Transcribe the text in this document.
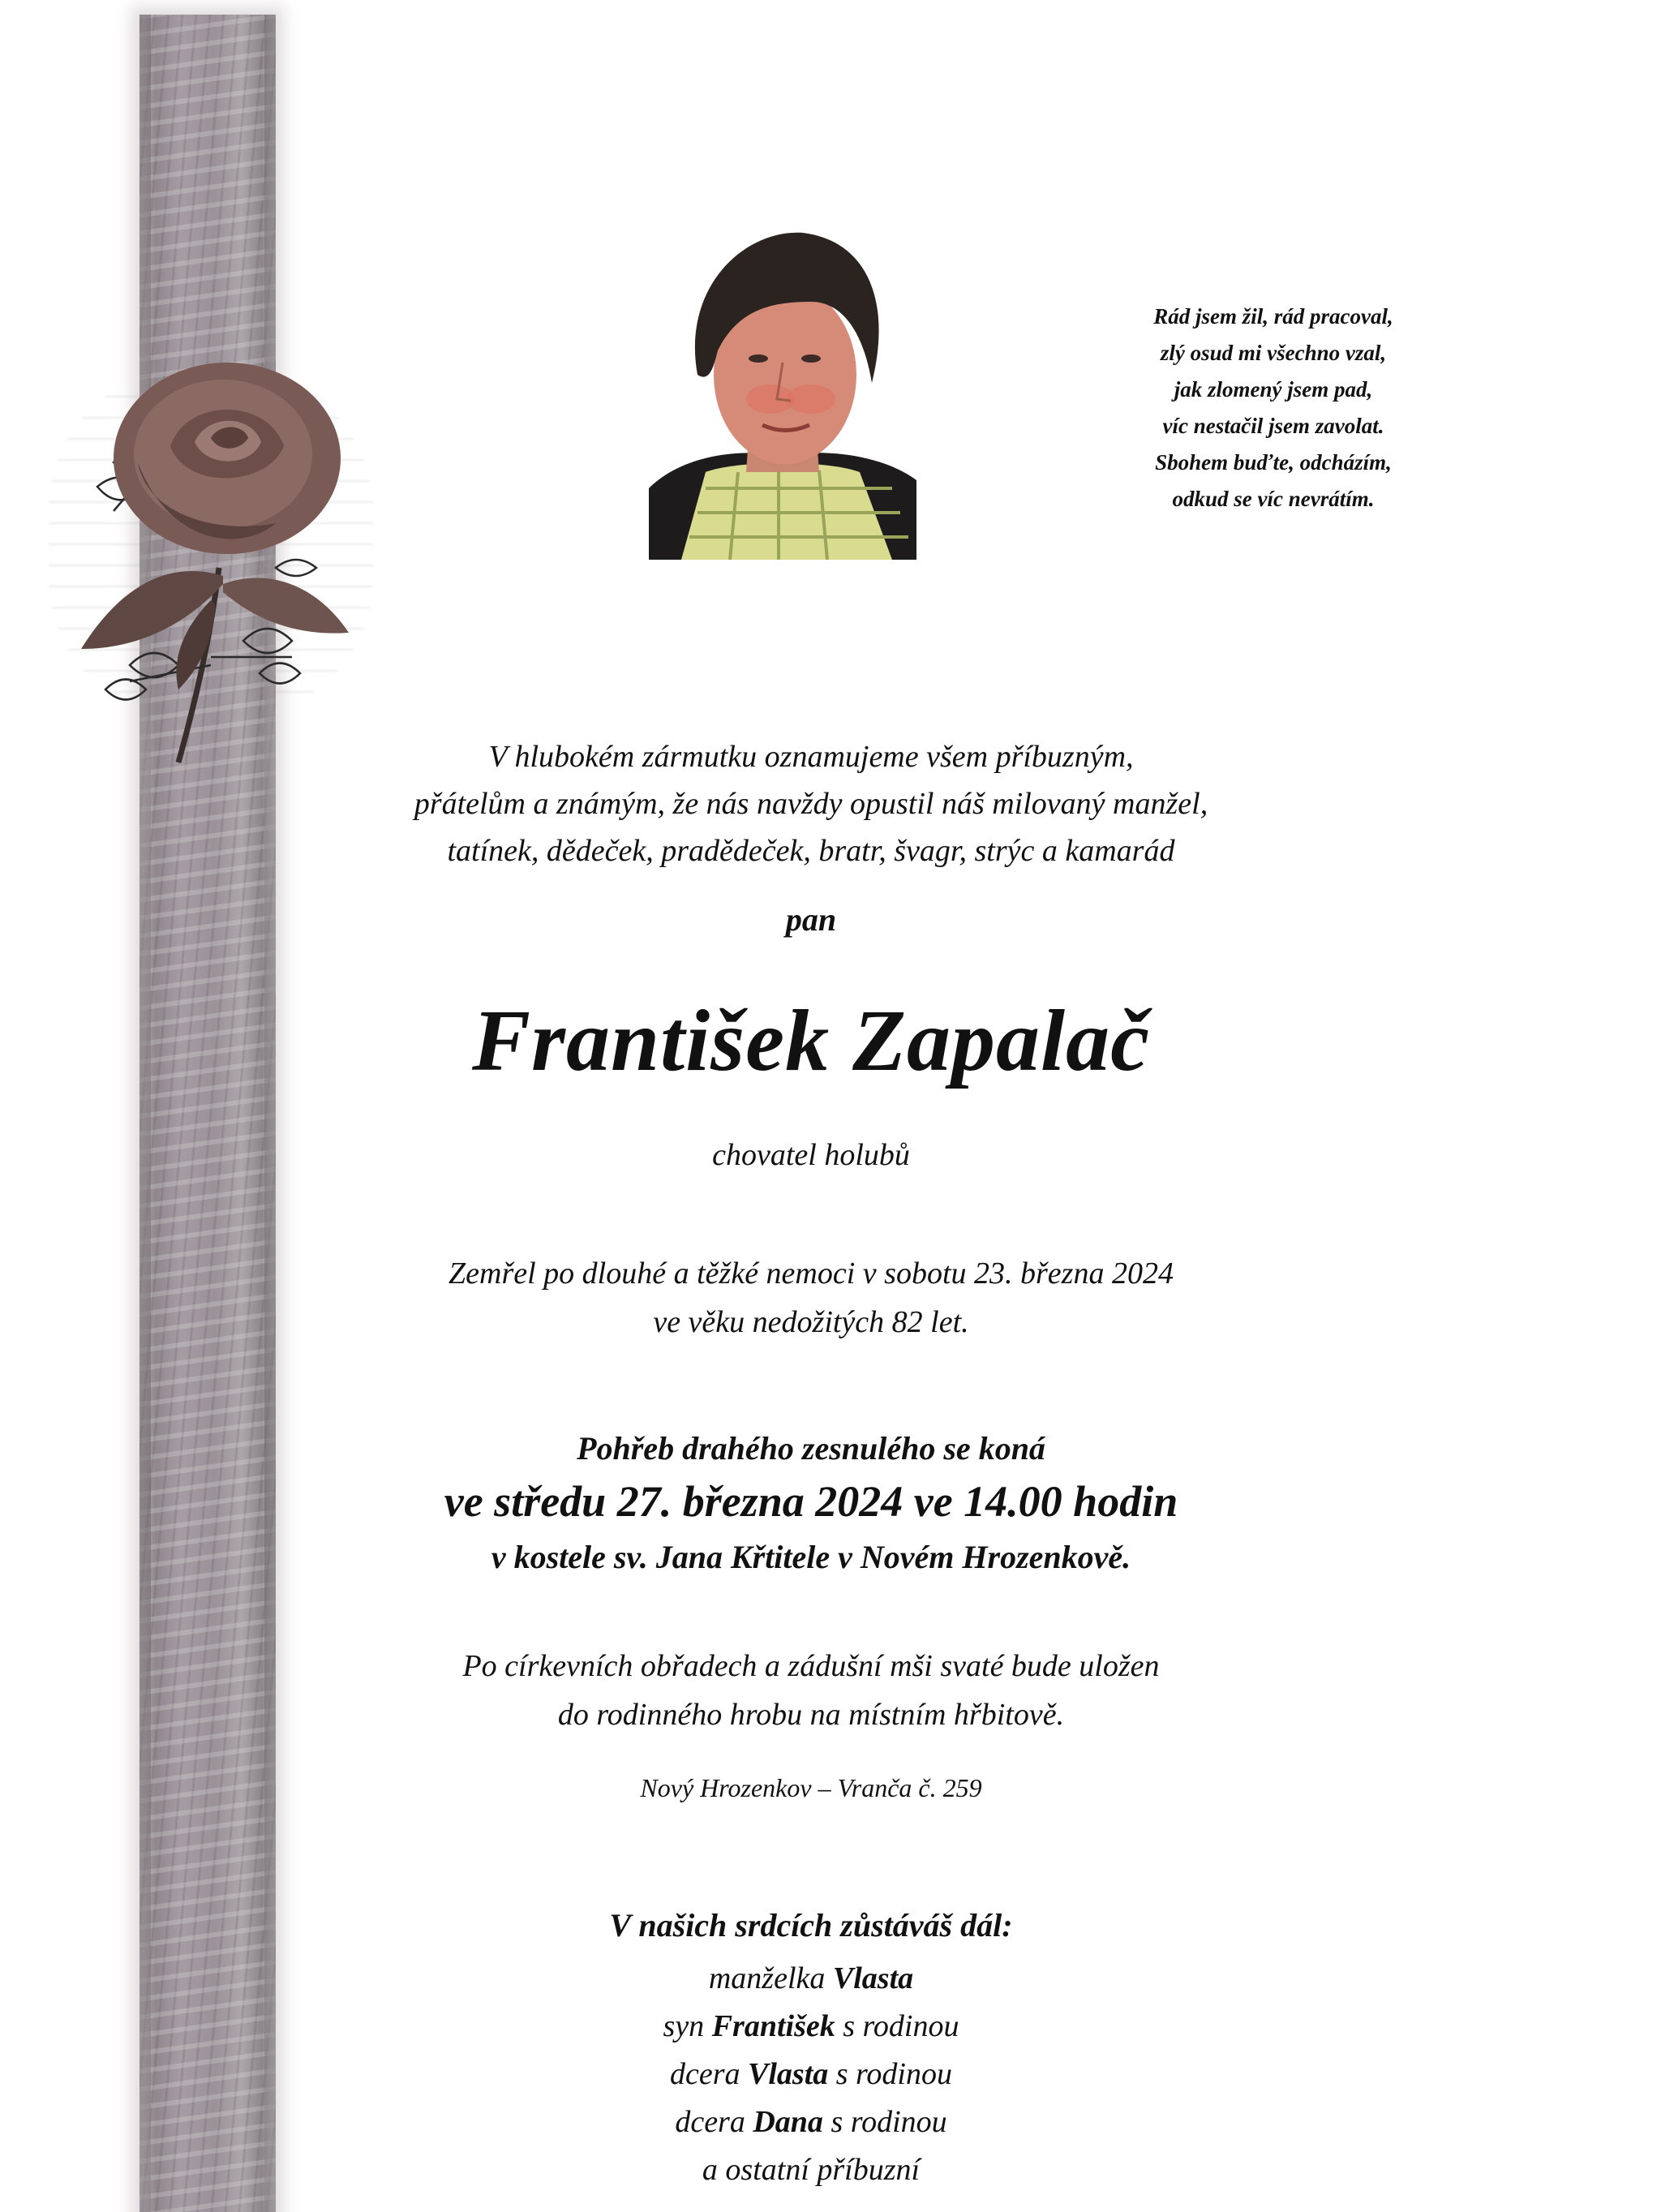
Rád jsem žil, rád pracoval,
zlý osud mi všechno vzal,
jak zlomený jsem pad,
víc nestačil jsem zavolat.
Sbohem buďte, odcházím,
odkud se víc nevrátím.
V hlubokém zármutku oznamujeme všem příbuzným,
přátelům a známým, že nás navždy opustil náš milovaný manžel,
tatínek, dědeček, pradědeček, bratr, švagr, strýc a kamarád
pan
František Zapalač
chovatel holubů
Zemřel po dlouhé a těžké nemoci v sobotu 23. března 2024
ve věku nedožitých 82 let.
Pohřeb drahého zesnulého se koná
ve středu 27. března 2024 ve 14.00 hodin
v kostele sv. Jana Křtitele v Novém Hrozenkově.
Po církevních obřadech a zádušní mši svaté bude uložen
do rodinného hrobu na místním hřbitově.
Nový Hrozenkov – Vranča č. 259
V našich srdcích zůstáváš dál:
manželka Vlasta
syn František s rodinou
dcera Vlasta s rodinou
dcera Dana s rodinou
a ostatní příbuzní
